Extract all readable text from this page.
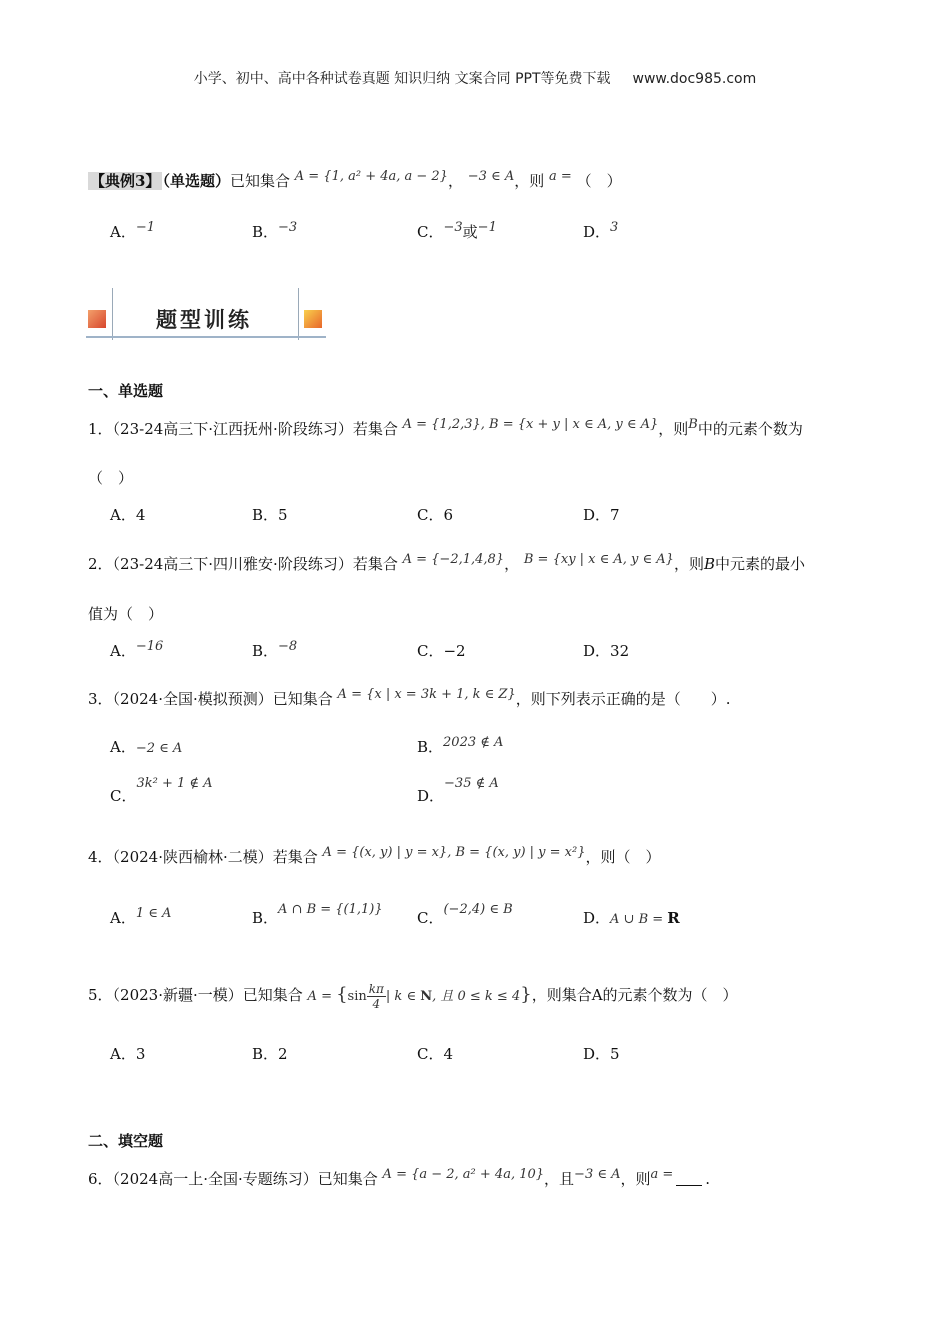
小学、初中、高中各种试卷真题 知识归纳 文案合同 PPT等免费下载 www.doc985.com
【典例3】 （单选题）已知集合 A = {1, a² + 4a, a − 2}， −3 ∈ A，则 a = （　）
A．−1	B．−3	C．−3或−1	D．3
题型训练
一、单选题
1．（23-24高三下·江西抚州·阶段练习）若集合 A = {1,2,3}, B = {x + y | x ∈ A, y ∈ A}，则B中的元素个数为
（　）
A．4	B．5	C．6	D．7
2．（23-24高三下·四川雅安·阶段练习）若集合 A = {−2,1,4,8}， B = {xy | x ∈ A, y ∈ A}，则B中元素的最小
值为（　）
A．−16	B．−8	C．−2	D．32
3．（2024·全国·模拟预测）已知集合 A = {x | x = 3k + 1, k ∈ Z}，则下列表示正确的是（　　）.
A．−2 ∈ A	B．2023 ∉ A
C．3k² + 1 ∉ A
D．−35 ∉ A
4．（2024·陕西榆林·二模）若集合 A = {(x, y) | y = x}, B = {(x, y) | y = x²}，则（　）
A．1 ∈ A	B．A ∩ B = {(1,1)} C．(−2,4) ∈ B	D．A ∪ B = R
5．（2023·新疆·一模）已知集合 $A = \{\sin \frac{k\pi}{4}$ | k ∈ N, 且 0 ≤ k ≤ 4}，则集合A的元素个数为（　）
A．3	B．2	C．4	D．5
二、填空题
6．（2024高一上·全国·专题练习）已知集合 A = {a − 2, a² + 4a, 10}，且−3 ∈ A，则a = .
